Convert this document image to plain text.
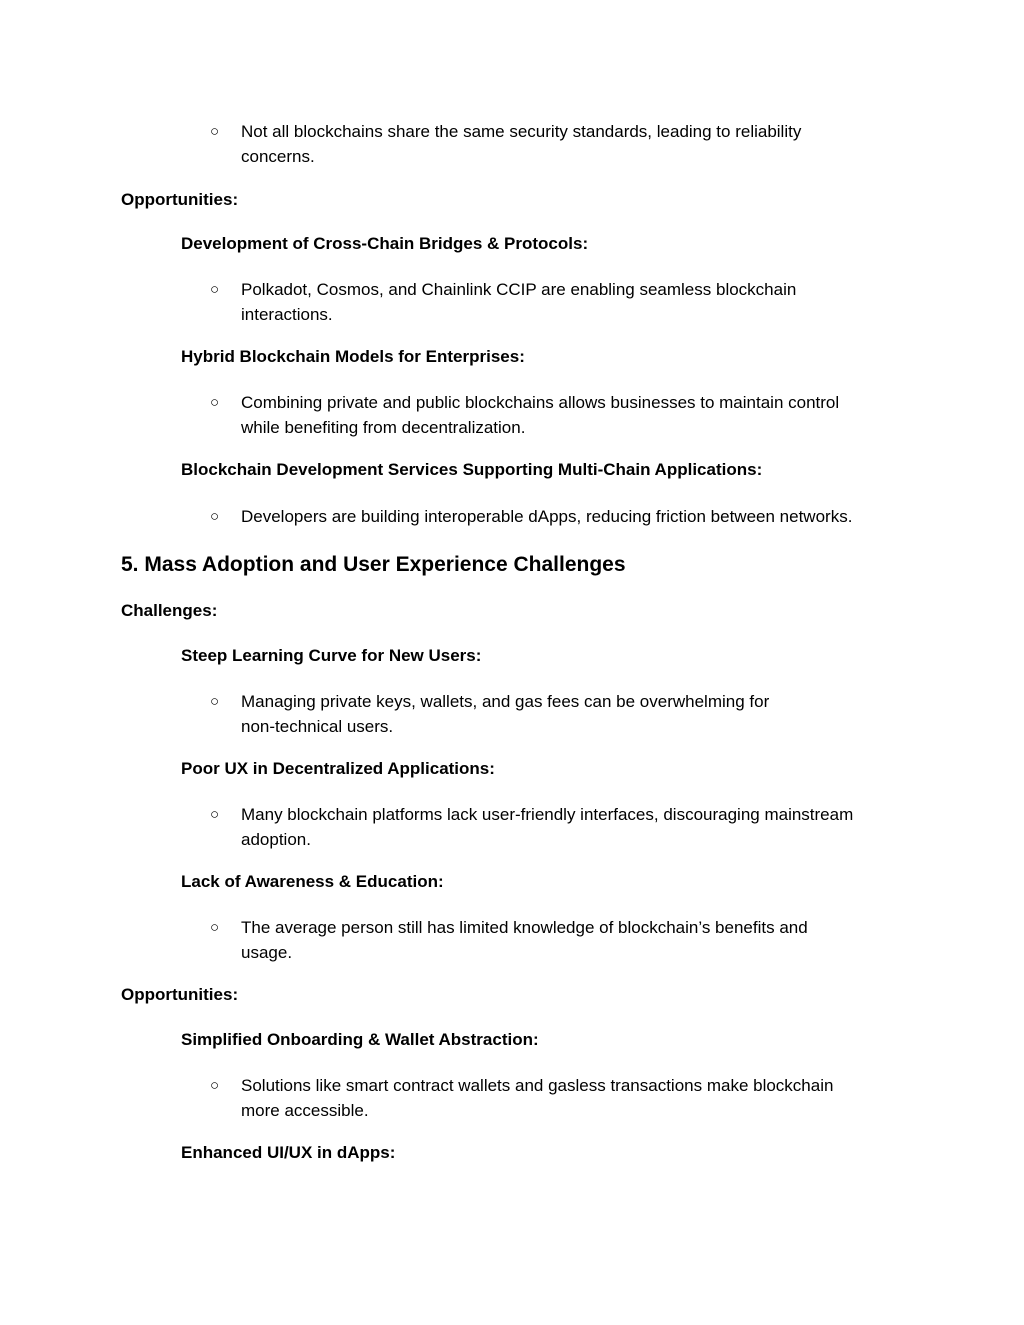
○ Not all blockchains share the same security standards, leading to reliability
concerns.

Opportunities:

Development of Cross-Chain Bridges & Protocols:

○ Polkadot, Cosmos, and Chainlink CCIP are enabling seamless blockchain
interactions.

Hybrid Blockchain Models for Enterprises:

○ Combining private and public blockchains allows businesses to maintain control
while benefiting from decentralization.

Blockchain Development Services Supporting Multi-Chain Applications:

○ Developers are building interoperable dApps, reducing friction between networks.
5. Mass Adoption and User Experience Challenges

Challenges:

Steep Learning Curve for New Users:

○ Managing private keys, wallets, and gas fees can be overwhelming for
non-technical users.

Poor UX in Decentralized Applications:

○ Many blockchain platforms lack user-friendly interfaces, discouraging mainstream
adoption.

Lack of Awareness & Education:

○ The average person still has limited knowledge of blockchain’s benefits and
usage.

Opportunities:

Simplified Onboarding & Wallet Abstraction:

○ Solutions like smart contract wallets and gasless transactions make blockchain
more accessible.

Enhanced UI/UX in dApps:
